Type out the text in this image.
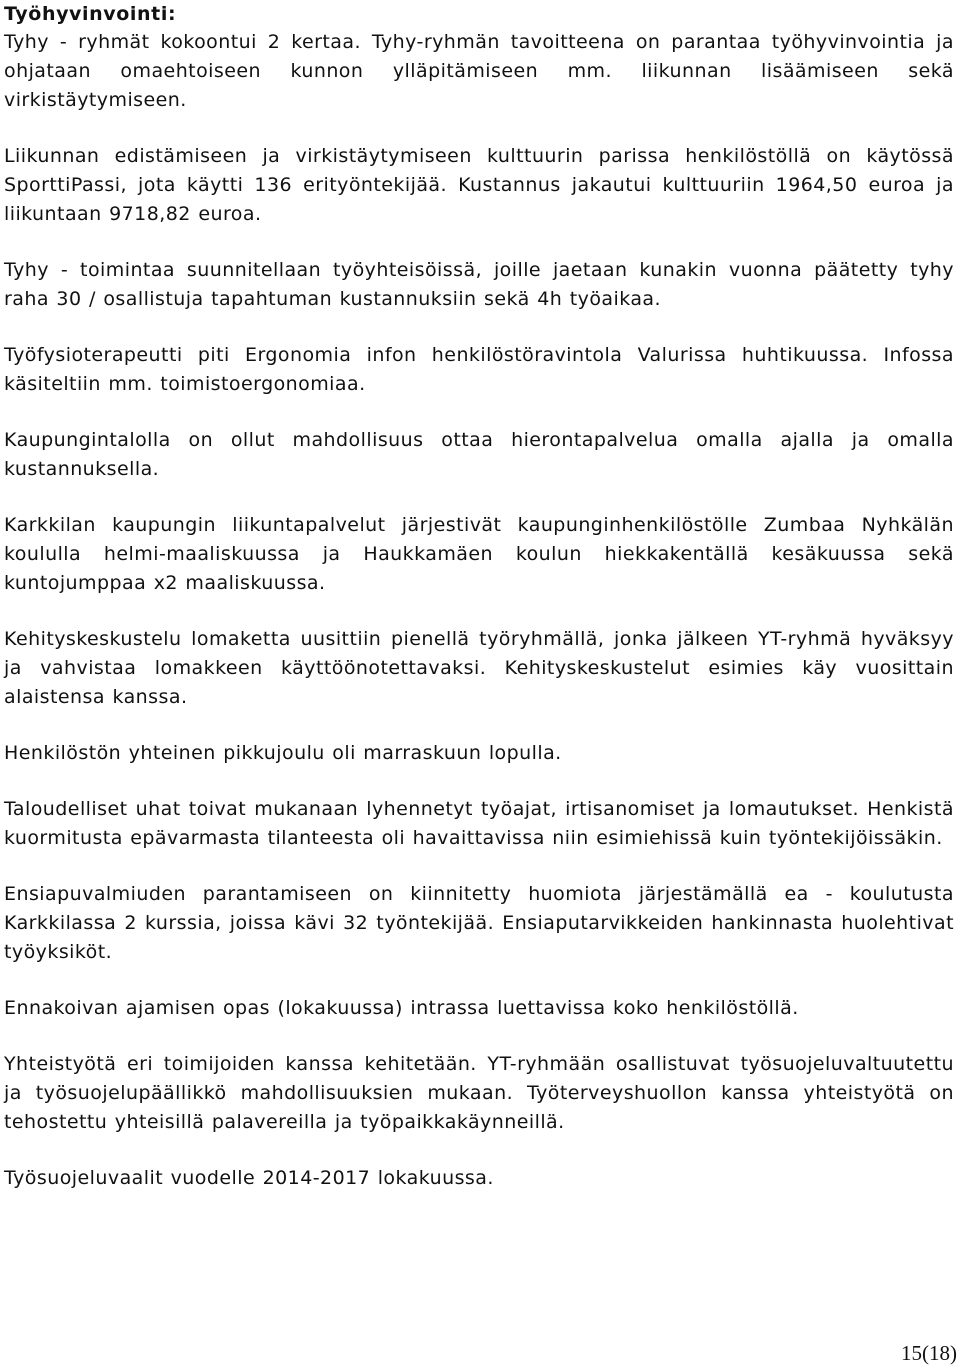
Työhyvinvointi:

Tyhy - ryhmät kokoontui 2 kertaa. Tyhy-ryhmän tavoitteena on parantaa työhyvinvointia ja ohjataan omaehtoiseen kunnon ylläpitämiseen mm. liikunnan lisäämiseen sekä virkistäytymiseen.

Liikunnan edistämiseen ja virkistäytymiseen kulttuurin parissa henkilöstöllä on käytössä SporttiPassi, jota käytti 136 erityöntekijää. Kustannus jakautui kulttuuriin 1964,50 euroa ja liikuntaan 9718,82 euroa.

Tyhy - toimintaa suunnitellaan työyhteisöissä, joille jaetaan kunakin vuonna päätetty tyhy raha 30 / osallistuja tapahtuman kustannuksiin sekä 4h työaikaa.

Työfysioterapeutti piti Ergonomia infon henkilöstöravintola Valurissa huhtikuussa. Infossa käsiteltiin mm. toimistoergonomiaa.

Kaupungintalolla on ollut mahdollisuus ottaa hierontapalvelua omalla ajalla ja omalla kustannuksella.

Karkkilan kaupungin liikuntapalvelut järjestivät kaupunginhenkilöstölle Zumbaa Nyhkälän koululla helmi-maaliskuussa ja Haukkamäen koulun hiekkakentällä kesäkuussa sekä kuntojumppaa x2 maaliskuussa.

Kehityskeskustelu lomaketta uusittiin pienellä työryhmällä, jonka jälkeen YT-ryhmä hyväksyy ja vahvistaa lomakkeen käyttöönotettavaksi. Kehityskeskustelut esimies käy vuosittain alaistensa kanssa.

Henkilöstön yhteinen pikkujoulu oli marraskuun lopulla.

Taloudelliset uhat toivat mukanaan lyhennetyt työajat, irtisanomiset ja lomautukset. Henkistä kuormitusta epävarmasta tilanteesta oli havaittavissa niin esimiehissä kuin työntekijöissäkin.

Ensiapuvalmiuden parantamiseen on kiinnitetty huomiota järjestämällä ea - koulutusta Karkkilassa 2 kurssia, joissa kävi 32 työntekijää. Ensiaputarvikkeiden hankinnasta huolehtivat työyksiköt.

Ennakoivan ajamisen opas (lokakuussa) intrassa luettavissa koko henkilöstöllä.

Yhteistyötä eri toimijoiden kanssa kehitetään. YT-ryhmään osallistuvat työsuojeluvaltuutettu ja työsuojelupäällikkö mahdollisuuksien mukaan. Työterveyshuollon kanssa yhteistyötä on tehostettu yhteisillä palavereilla ja työpaikkakäynneillä.

Työsuojeluvaalit vuodelle 2014-2017 lokakuussa.

15(18)
